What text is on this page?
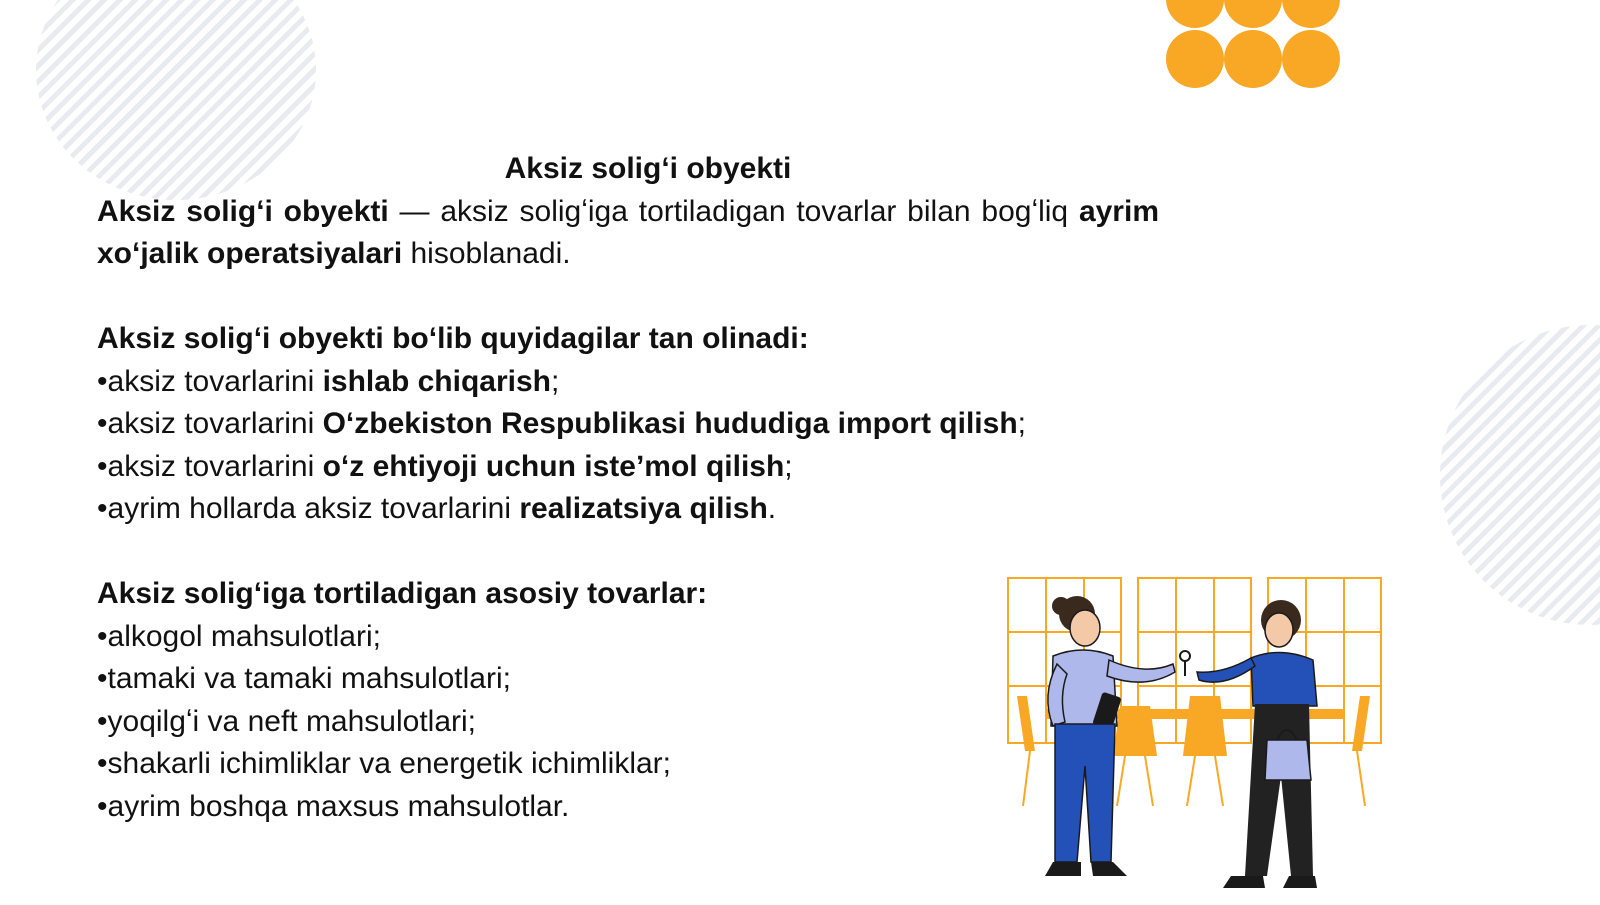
Aksiz soligʻi obyekti

Aksiz soligʻi obyekti — aksiz soligʻiga tortiladigan tovarlar bilan bogʻliq ayrim xoʻjalik operatsiyalari hisoblanadi.

Aksiz soligʻi obyekti boʻlib quyidagilar tan olinadi:

•aksiz tovarlarini ishlab chiqarish;

•aksiz tovarlarini Oʻzbekiston Respublikasi hududiga import qilish;

•aksiz tovarlarini oʻz ehtiyoji uchun isteʼmol qilish;

•ayrim hollarda aksiz tovarlarini realizatsiya qilish.

Aksiz soligʻiga tortiladigan asosiy tovarlar:

•alkogol mahsulotlari;

•tamaki va tamaki mahsulotlari;

•yoqilgʻi va neft mahsulotlari;

•shakarli ichimliklar va energetik ichimliklar;

•ayrim boshqa maxsus mahsulotlar.
